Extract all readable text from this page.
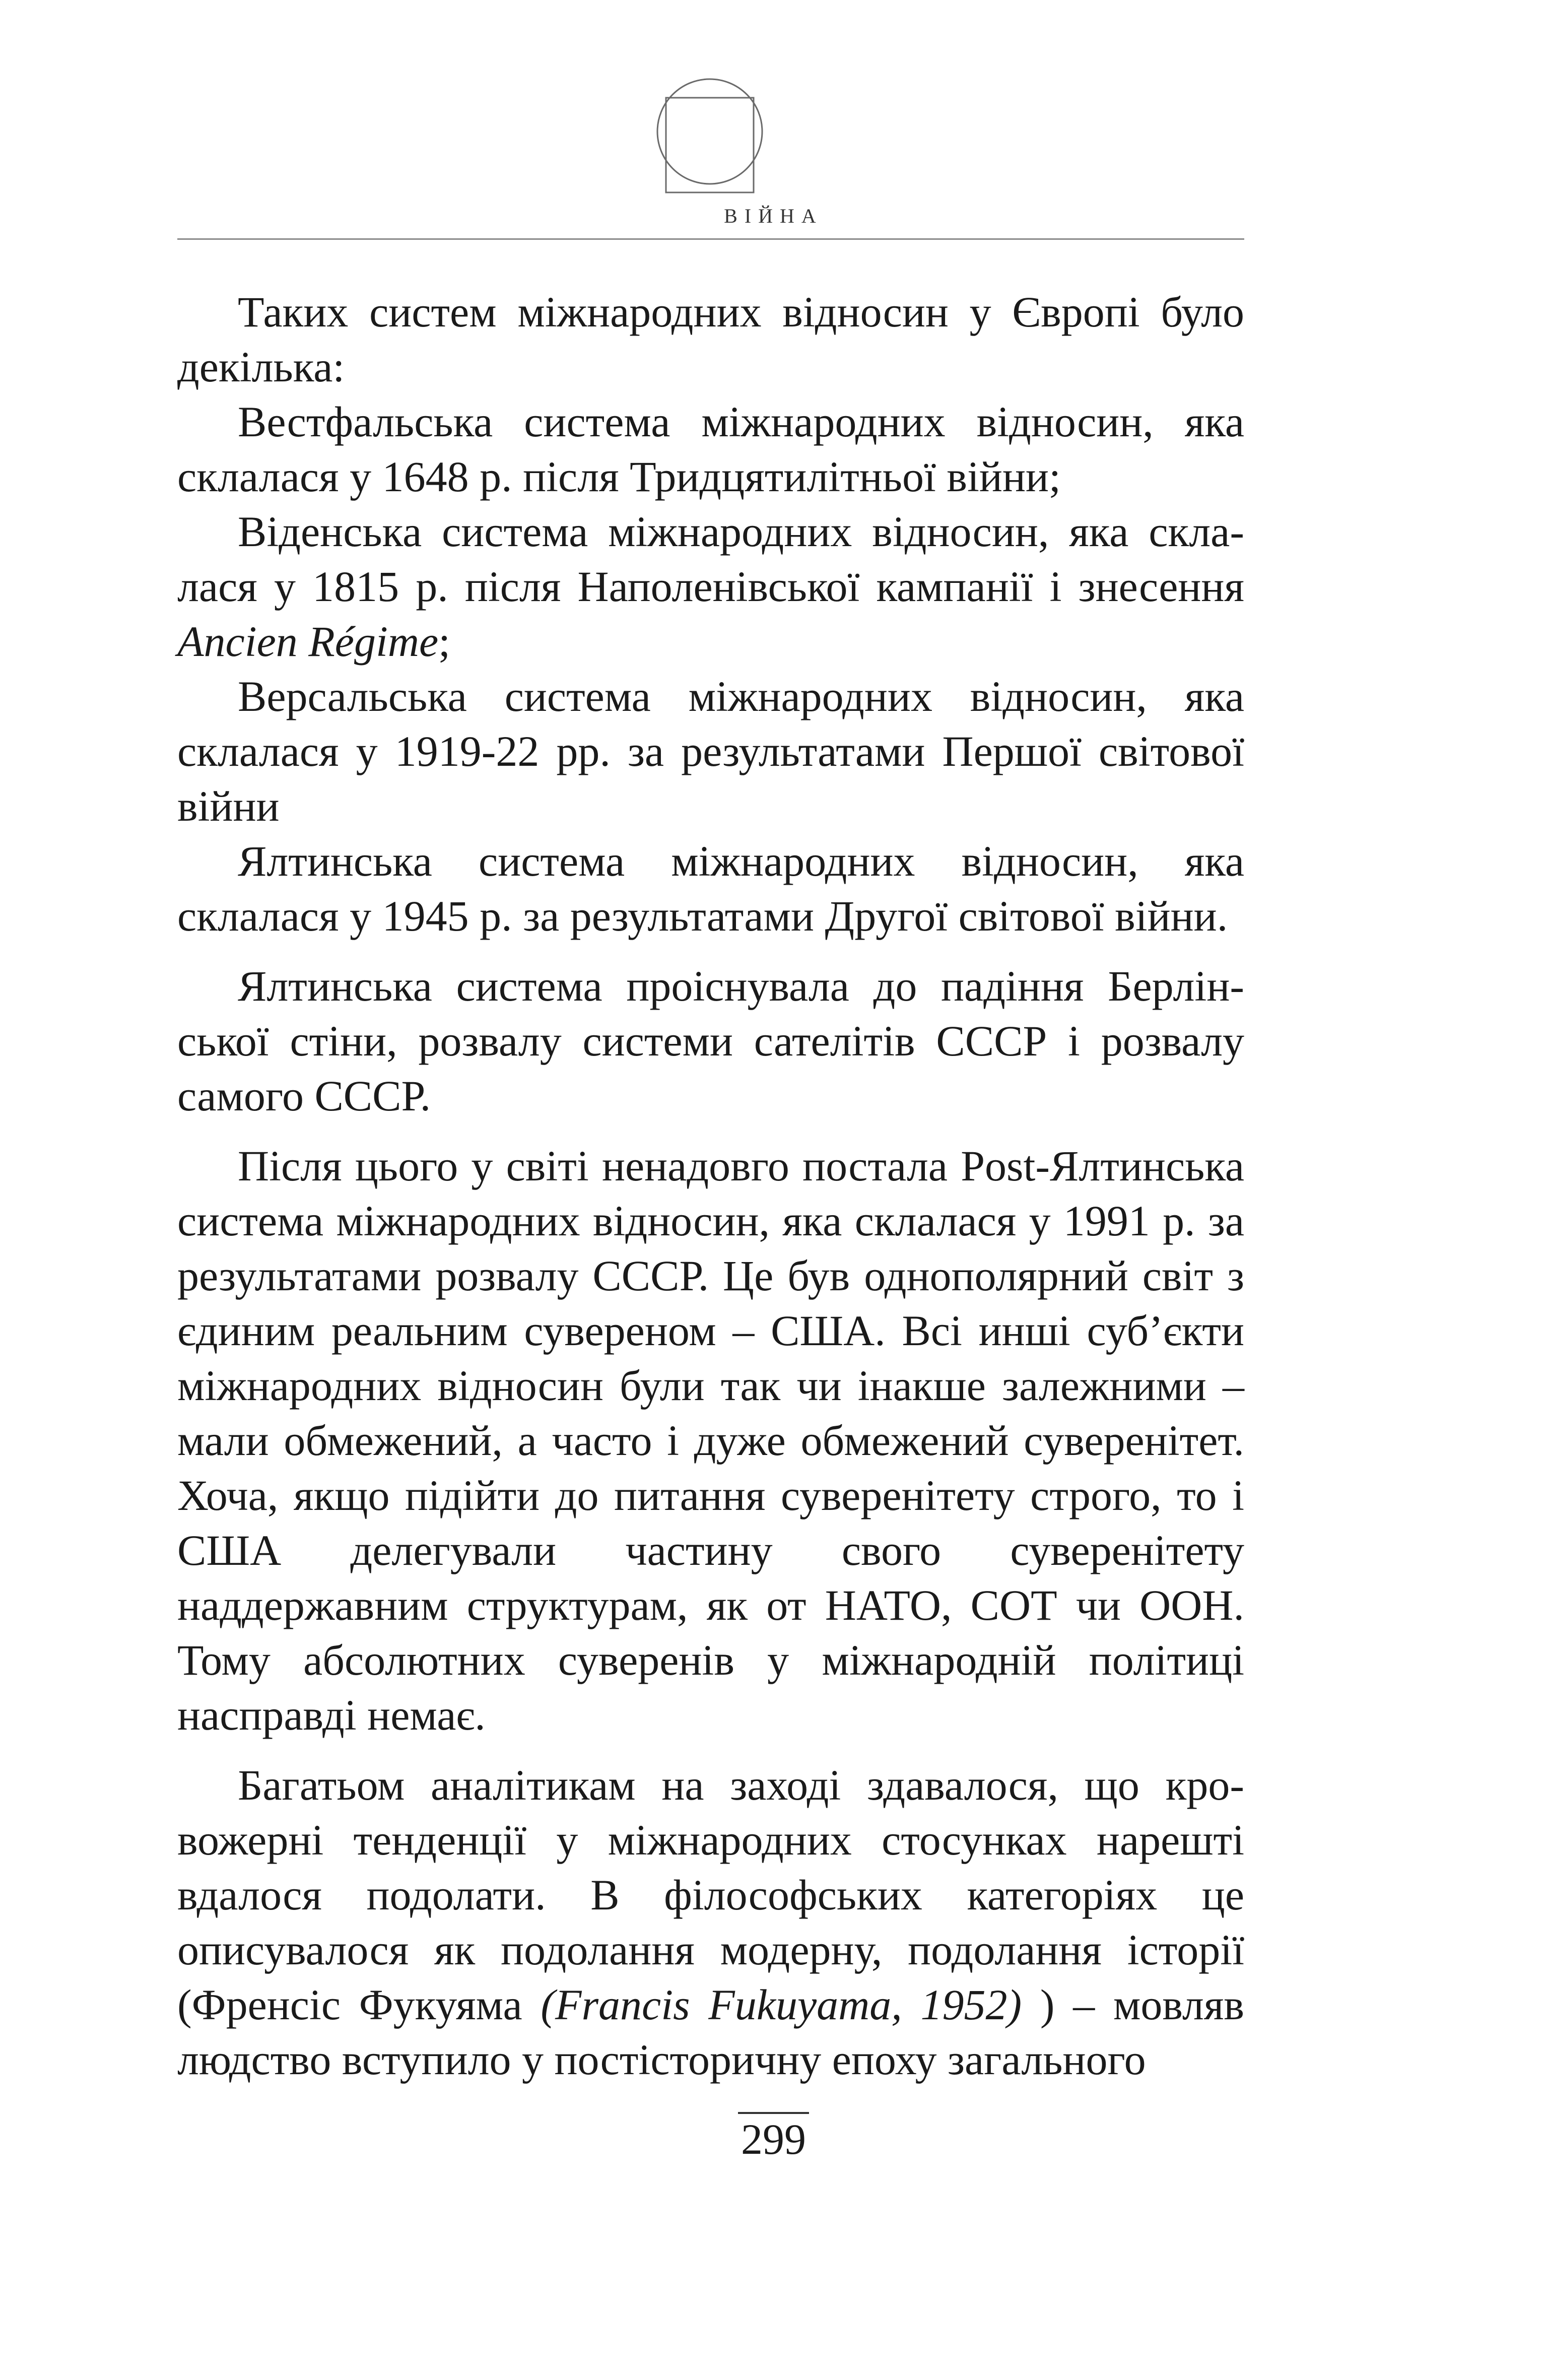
ВІЙНА

Таких систем міжнародних відносин у Європі було декілька:

Вестфальська система міжнародних відносин, яка склалася у 1648 р. після Тридцятилітньої війни;

Віденська система міжнародних відносин, яка склалася у 1815 р. після Наполенівської кампанії і знесення Ancien Régime;

Версальська система міжнародних відносин, яка склалася у 1919-22 рр. за результатами Першої світової війни

Ялтинська система міжнародних відносин, яка склалася у 1945 р. за результатами Другої світової війни.

Ялтинська система проіснувала до падіння Берлінської стіни, розвалу системи сателітів СССР і розвалу самого СССР.

Після цього у світі ненадовго постала Post-Ялтинська система міжнародних відносин, яка склалася у 1991 р. за результатами розвалу СССР. Це був однополярний світ з єдиним реальним сувереном – США. Всі инші суб’єкти міжнародних відносин були так чи інакше залежними – мали обмежений, а часто і дуже обмежений суверенітет. Хоча, якщо підійти до питання суверенітету строго, то і США делегували частину свого суверенітету наддержавним структурам, як от НАТО, СОТ чи ООН. Тому абсолютних суверенів у міжнародній політиці насправді немає.

Багатьом аналітикам на заході здавалося, що кровожерні тенденції у міжнародних стосунках нарешті вдалося подолати. В філософських категоріях це описувалося як подолання модерну, подолання історії (Френсіс Фукуяма (Francis Fukuyama, 1952) ) – мовляв людство вступило у постісторичну епоху загального

299
